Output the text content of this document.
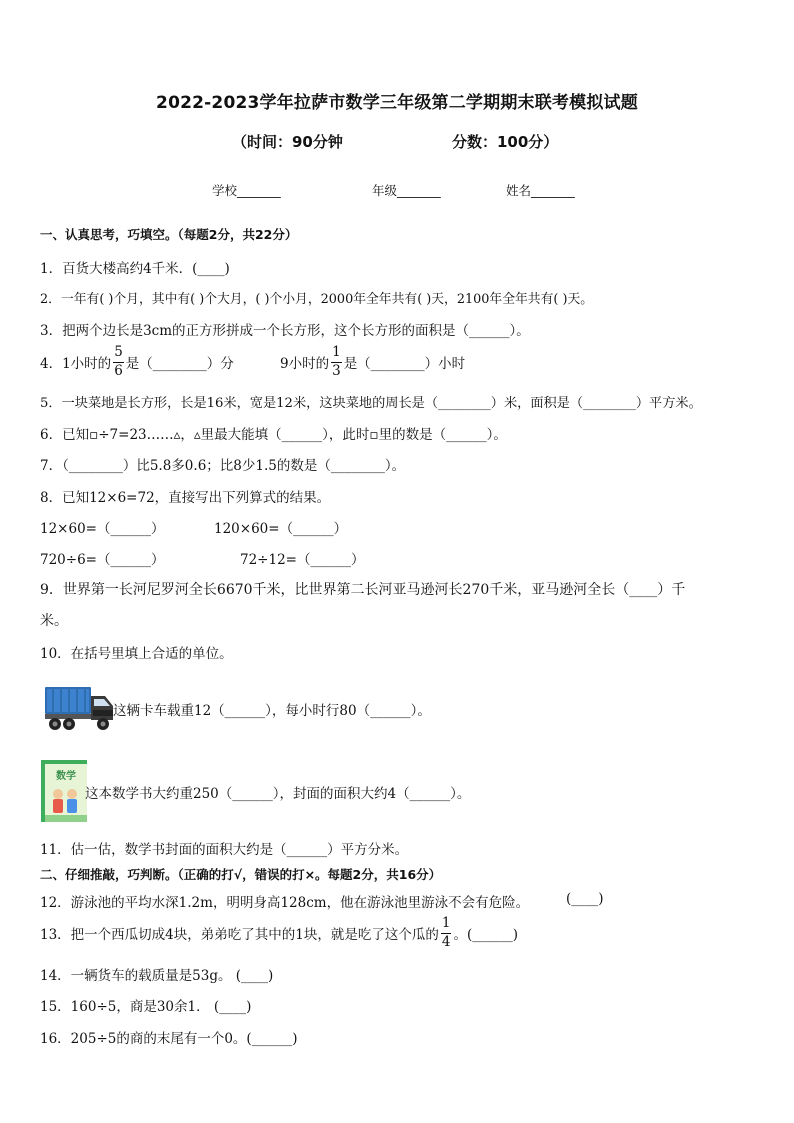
2022-2023学年拉萨市数学三年级第二学期期末联考模拟试题
（时间：90分钟	分数：100分）
学校_______	年级_______	姓名_______
一、认真思考，巧填空。（每题2分，共22分）
1．百货大楼高约4千米．(____)
2．一年有( )个月，其中有( )个大月，( )个小月，2000年全年共有( )天，2100年全年共有( )天。
3．把两个边长是3cm的正方形拼成一个长方形，这个长方形的面积是（______）。
4．1小时的 $\frac{5}{6}$ 是（________）分	9小时的 $\frac{1}{3}$ 是（________）小时
5．一块菜地是长方形，长是16米，宽是12米，这块菜地的周长是（________）米，面积是（________）平方米。
6．已知▫÷7=23……▵，▵里最大能填（______），此时▫里的数是（______）。
7．（________）比5.8多0.6；比8少1.5的数是（________）。
8．已知12×6=72，直接写出下列算式的结果。
12×60=（______）	120×60=（______）
720÷6=（______）	72÷12=（______）
9．世界第一长河尼罗河全长6670千米，比世界第二长河亚马逊河长270千米，亚马逊河全长（____）千
米。
10．在括号里填上合适的单位。
这辆卡车载重12（______），每小时行80（______）。
数学
这本数学书大约重250（______），封面的面积大约4（______）。
11．估一估，数学书封面的面积大约是（______）平方分米。
二、仔细推敲，巧判断。（正确的打√，错误的打×。每题2分，共16分）
12．游泳池的平均水深1.2m，明明身高128cm，他在游泳池里游泳不会有危险。	(____)
13．把一个西瓜切成4块，弟弟吃了其中的1块，就是吃了这个瓜的 $\frac{1}{4}$ 。(______)
14．一辆货车的载质量是53g。 (____)
15．160÷5，商是30余1． (____)
16．205÷5的商的末尾有一个0。(______)
